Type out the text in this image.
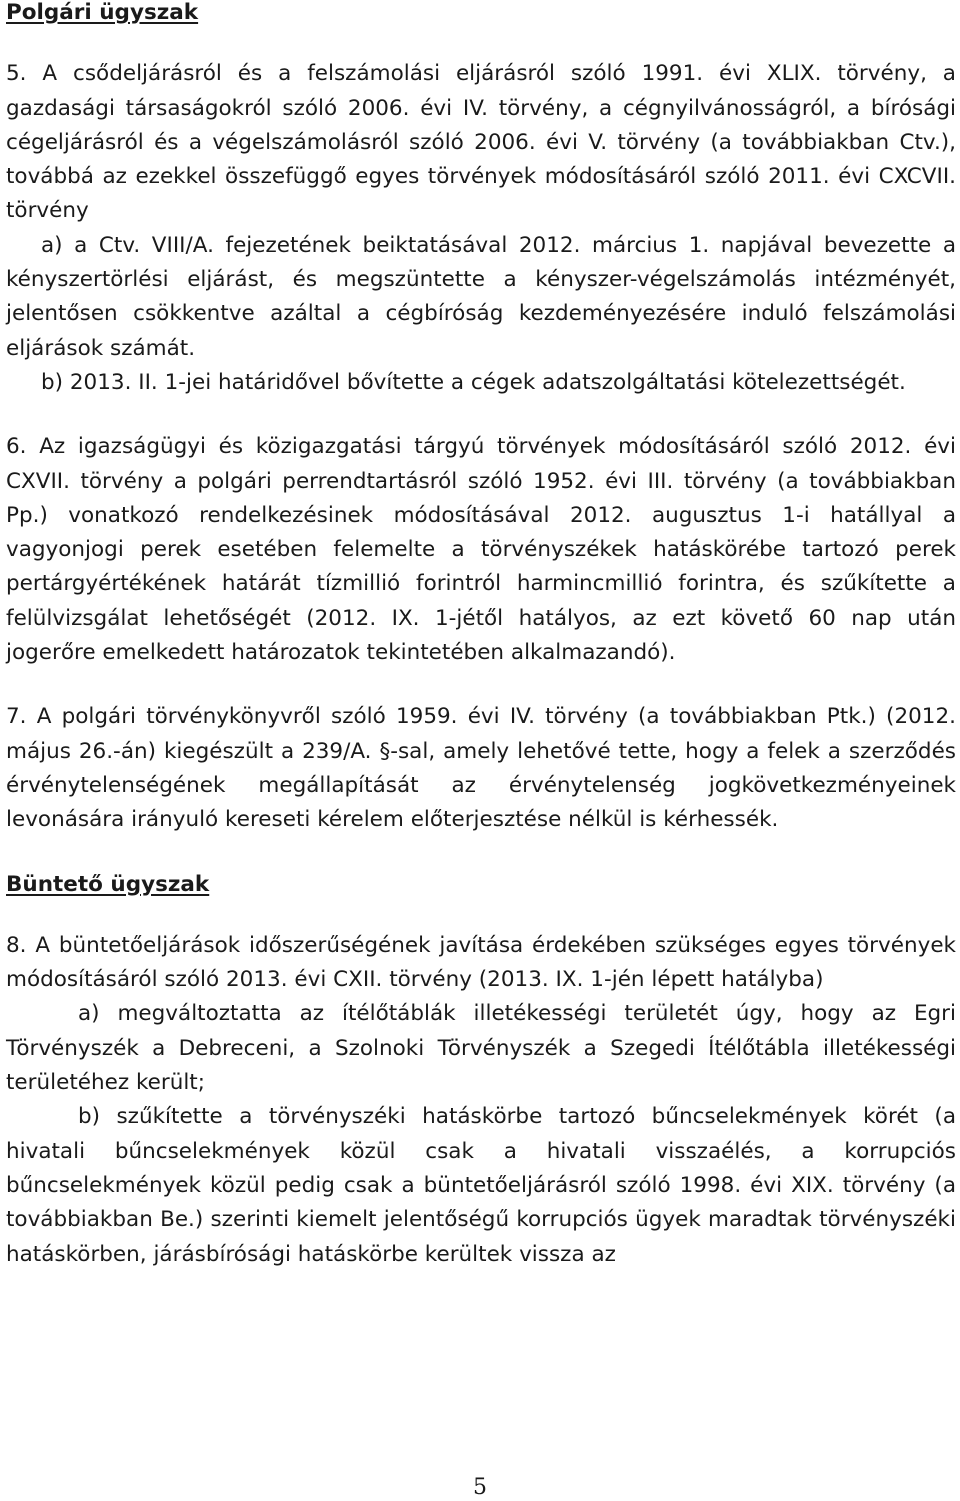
Polgári ügyszak

5. A csődeljárásról és a felszámolási eljárásról szóló 1991. évi XLIX. törvény, a gazdasági társaságokról szóló 2006. évi IV. törvény, a cégnyilvánosságról, a bírósági cégeljárásról és a végelszámolásról szóló 2006. évi V. törvény (a továbbiakban Ctv.), továbbá az ezekkel összefüggő egyes törvények módosításáról szóló 2011. évi CXCVII. törvény

a) a Ctv. VIII/A. fejezetének beiktatásával 2012. március 1. napjával bevezette a kényszertörlési eljárást, és megszüntette a kényszer-végelszámolás intézményét, jelentősen csökkentve azáltal a cégbíróság kezdeményezésére induló felszámolási eljárások számát.

b) 2013. II. 1-jei határidővel bővítette a cégek adatszolgáltatási kötelezettségét.

6. Az igazságügyi és közigazgatási tárgyú törvények módosításáról szóló 2012. évi CXVII. törvény a polgári perrendtartásról szóló 1952. évi III. törvény (a továbbiakban Pp.) vonatkozó rendelkezésinek módosításával 2012. augusztus 1-i hatállyal a vagyonjogi perek esetében felemelte a törvényszékek hatáskörébe tartozó perek pertárgyértékének határát tízmillió forintról harmincmillió forintra, és szűkítette a felülvizsgálat lehetőségét (2012. IX. 1-jétől hatályos, az ezt követő 60 nap után jogerőre emelkedett határozatok tekintetében alkalmazandó).

7. A polgári törvénykönyvről szóló 1959. évi IV. törvény (a továbbiakban Ptk.) (2012. május 26.-án) kiegészült a 239/A. §-sal, amely lehetővé tette, hogy a felek a szerződés érvénytelenségének megállapítását az érvénytelenség jogkövetkezményeinek levonására irányuló kereseti kérelem előterjesztése nélkül is kérhessék.

Büntető ügyszak

8. A büntetőeljárások időszerűségének javítása érdekében szükséges egyes törvények módosításáról szóló 2013. évi CXII. törvény (2013. IX. 1-jén lépett hatályba)

a) megváltoztatta az ítélőtáblák illetékességi területét úgy, hogy az Egri Törvényszék a Debreceni, a Szolnoki Törvényszék a Szegedi Ítélőtábla illetékességi területéhez került;

b) szűkítette a törvényszéki hatáskörbe tartozó bűncselekmények körét (a hivatali bűncselekmények közül csak a hivatali visszaélés, a korrupciós bűncselekmények közül pedig csak a büntetőeljárásról szóló 1998. évi XIX. törvény (a továbbiakban Be.) szerinti kiemelt jelentőségű korrupciós ügyek maradtak törvényszéki hatáskörben, járásbírósági hatáskörbe kerültek vissza az

5
